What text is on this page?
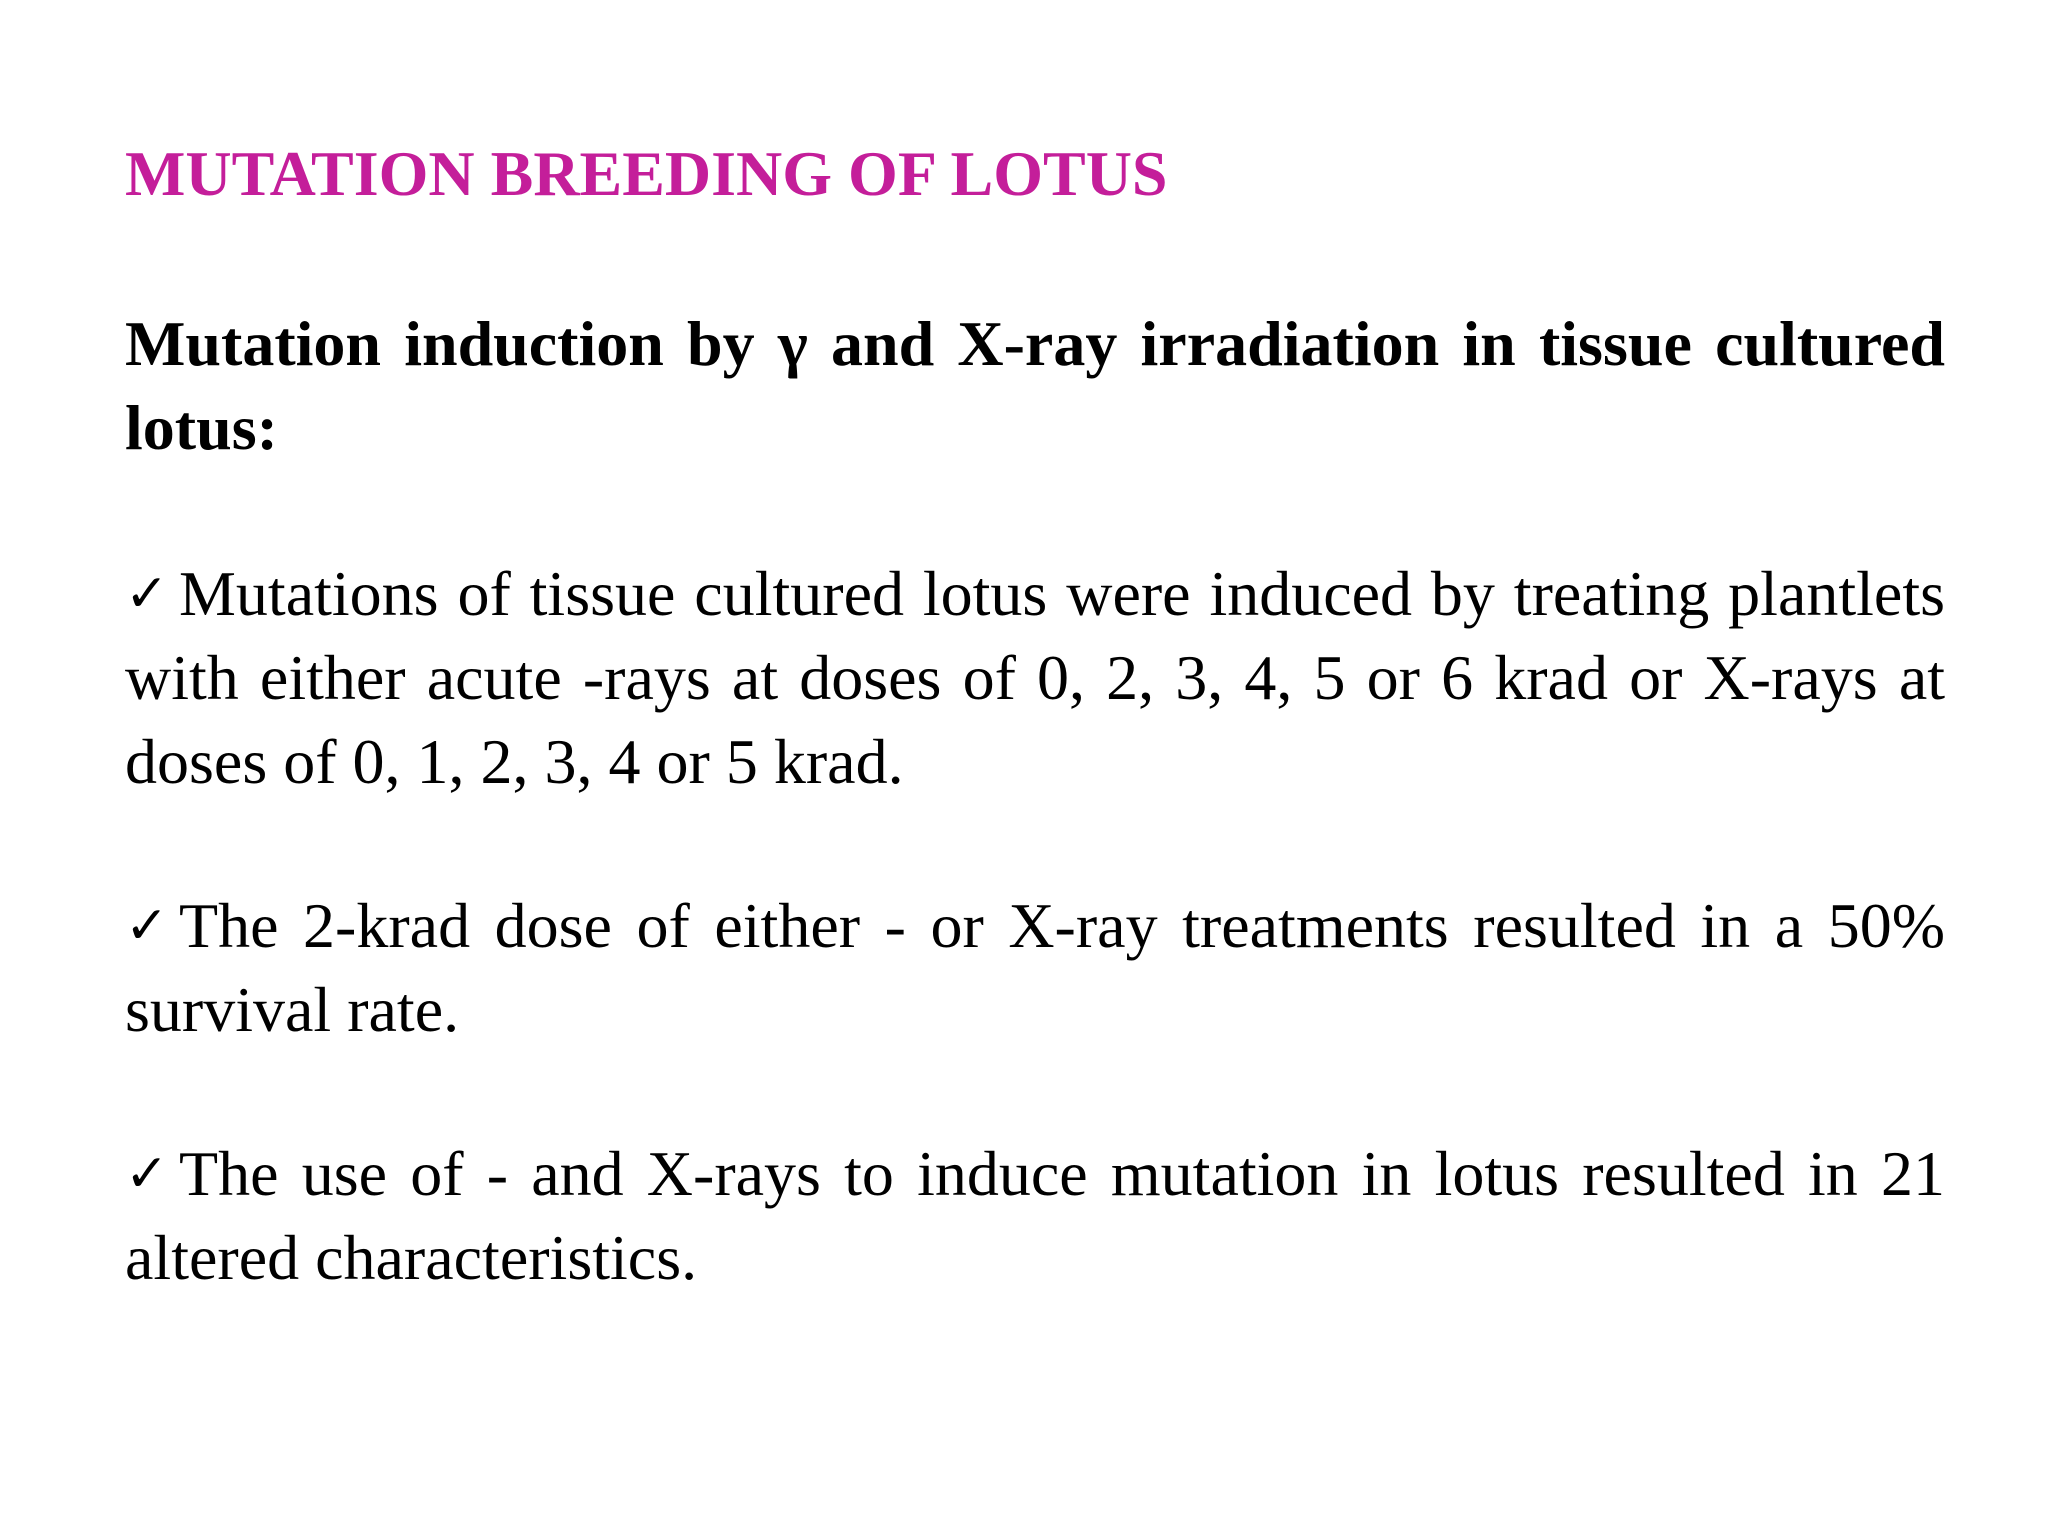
MUTATION BREEDING OF LOTUS

Mutation induction by γ and X-ray irradiation in tissue cultured lotus:

✓ Mutations of tissue cultured lotus were induced by treating plantlets with either acute -rays at doses of 0, 2, 3, 4, 5 or 6 krad or X-rays at doses of 0, 1, 2, 3, 4 or 5 krad.

✓ The 2-krad dose of either - or X-ray treatments resulted in a 50% survival rate.

✓ The use of - and X-rays to induce mutation in lotus resulted in 21 altered characteristics.
